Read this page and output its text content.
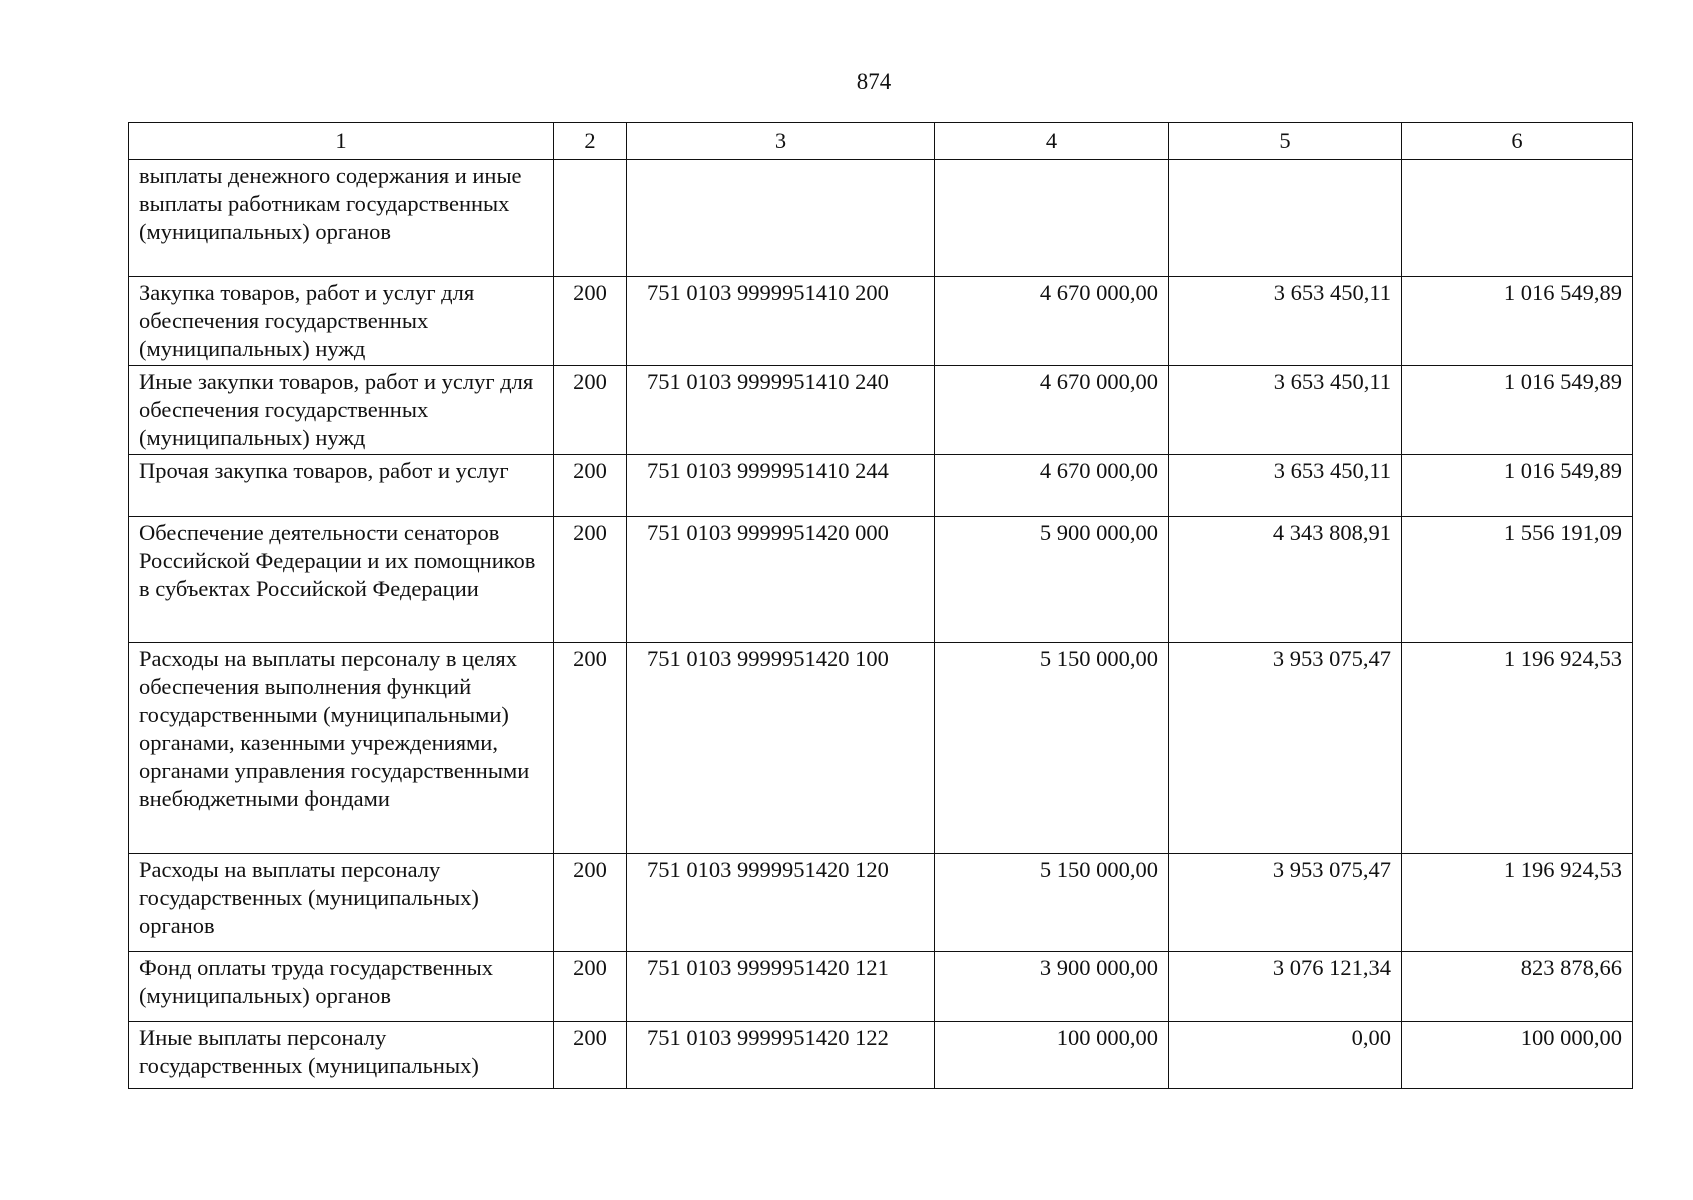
874
1	2	3	4	5	6
выплаты денежного содержания и иные выплаты работникам государственных (муниципальных) органов					
Закупка товаров, работ и услуг для обеспечения государственных (муниципальных) нужд	200	751 0103 9999951410 200	4 670 000,00	3 653 450,11	1 016 549,89
Иные закупки товаров, работ и услуг для обеспечения государственных (муниципальных) нужд	200	751 0103 9999951410 240	4 670 000,00	3 653 450,11	1 016 549,89
Прочая закупка товаров, работ и услуг	200	751 0103 9999951410 244	4 670 000,00	3 653 450,11	1 016 549,89
Обеспечение деятельности сенаторов Российской Федерации и их помощников в субъектах Российской Федерации	200	751 0103 9999951420 000	5 900 000,00	4 343 808,91	1 556 191,09
Расходы на выплаты персоналу в целях обеспечения выполнения функций государственными (муниципальными) органами, казенными учреждениями, органами управления государственными внебюджетными фондами	200	751 0103 9999951420 100	5 150 000,00	3 953 075,47	1 196 924,53
Расходы на выплаты персоналу государственных (муниципальных) органов	200	751 0103 9999951420 120	5 150 000,00	3 953 075,47	1 196 924,53
Фонд оплаты труда государственных (муниципальных) органов	200	751 0103 9999951420 121	3 900 000,00	3 076 121,34	823 878,66
Иные выплаты персоналу государственных (муниципальных)	200	751 0103 9999951420 122	100 000,00	0,00	100 000,00
